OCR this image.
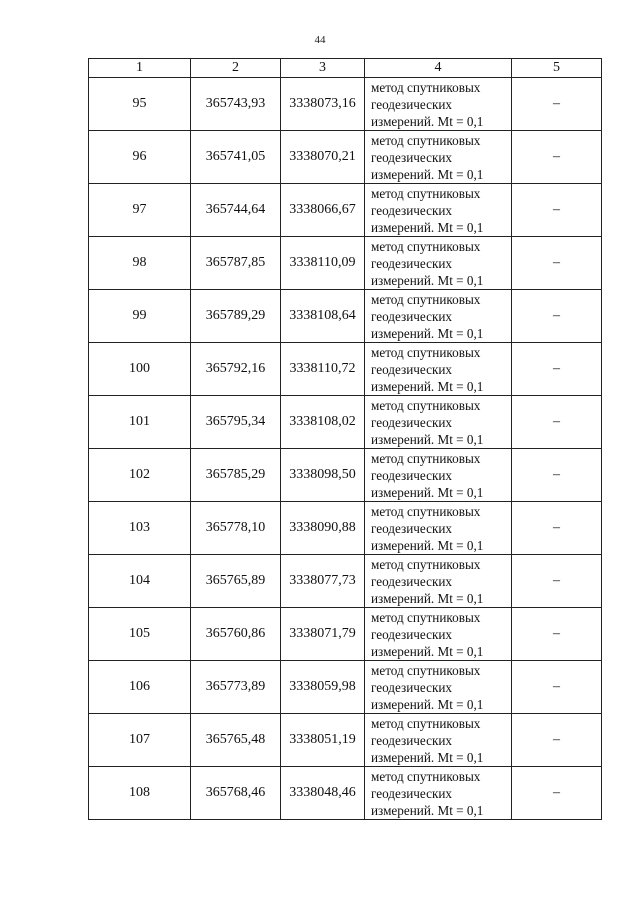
44
1	2	3	4	5
95	365743,93	3338073,16	метод спутниковых
геодезических
измерений. Mt = 0,1	–
96	365741,05	3338070,21	метод спутниковых
геодезических
измерений. Mt = 0,1	–
97	365744,64	3338066,67	метод спутниковых
геодезических
измерений. Mt = 0,1	–
98	365787,85	3338110,09	метод спутниковых
геодезических
измерений. Mt = 0,1	–
99	365789,29	3338108,64	метод спутниковых
геодезических
измерений. Mt = 0,1	–
100	365792,16	3338110,72	метод спутниковых
геодезических
измерений. Mt = 0,1	–
101	365795,34	3338108,02	метод спутниковых
геодезических
измерений. Mt = 0,1	–
102	365785,29	3338098,50	метод спутниковых
геодезических
измерений. Mt = 0,1	–
103	365778,10	3338090,88	метод спутниковых
геодезических
измерений. Mt = 0,1	–
104	365765,89	3338077,73	метод спутниковых
геодезических
измерений. Mt = 0,1	–
105	365760,86	3338071,79	метод спутниковых
геодезических
измерений. Mt = 0,1	–
106	365773,89	3338059,98	метод спутниковых
геодезических
измерений. Mt = 0,1	–
107	365765,48	3338051,19	метод спутниковых
геодезических
измерений. Mt = 0,1	–
108	365768,46	3338048,46	метод спутниковых
геодезических
измерений. Mt = 0,1	–
